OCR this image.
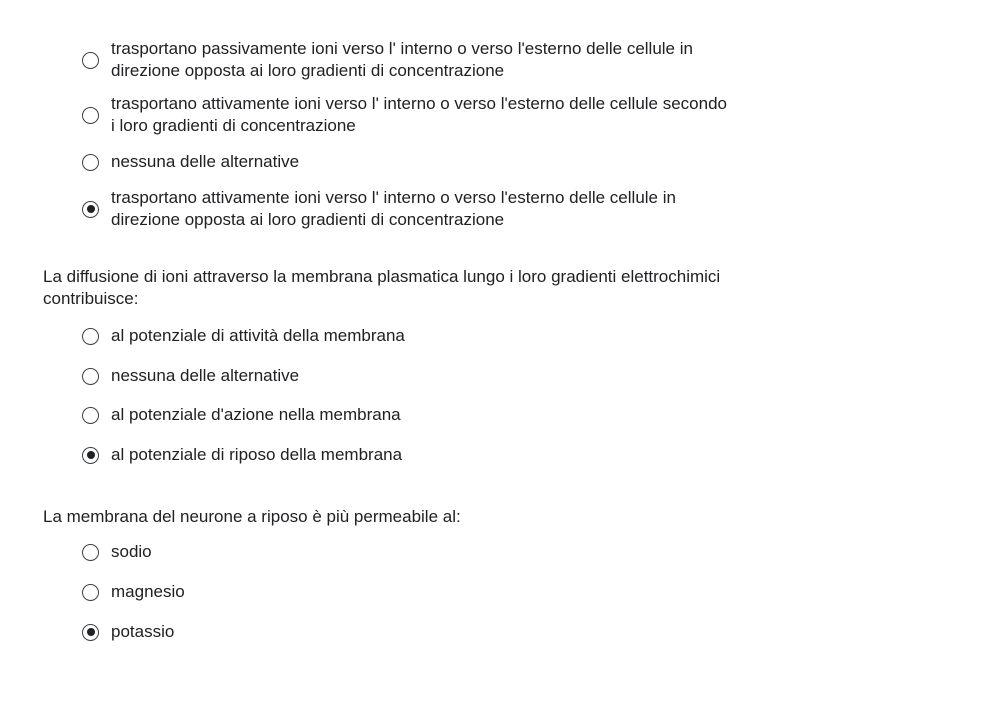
trasportano passivamente ioni verso l' interno o verso l'esterno delle cellule in direzione opposta ai loro gradienti di concentrazione
trasportano attivamente ioni verso l' interno o verso l'esterno delle cellule secondo i loro gradienti di concentrazione
nessuna delle alternative
trasportano attivamente ioni verso l' interno o verso l'esterno delle cellule in direzione opposta ai loro gradienti di concentrazione
La diffusione di ioni attraverso la membrana plasmatica lungo i loro gradienti elettrochimici contribuisce:
al potenziale di attività della membrana
nessuna delle alternative
al potenziale d'azione nella membrana
al potenziale di riposo della membrana
La membrana del neurone a riposo è più permeabile al:
sodio
magnesio
potassio
